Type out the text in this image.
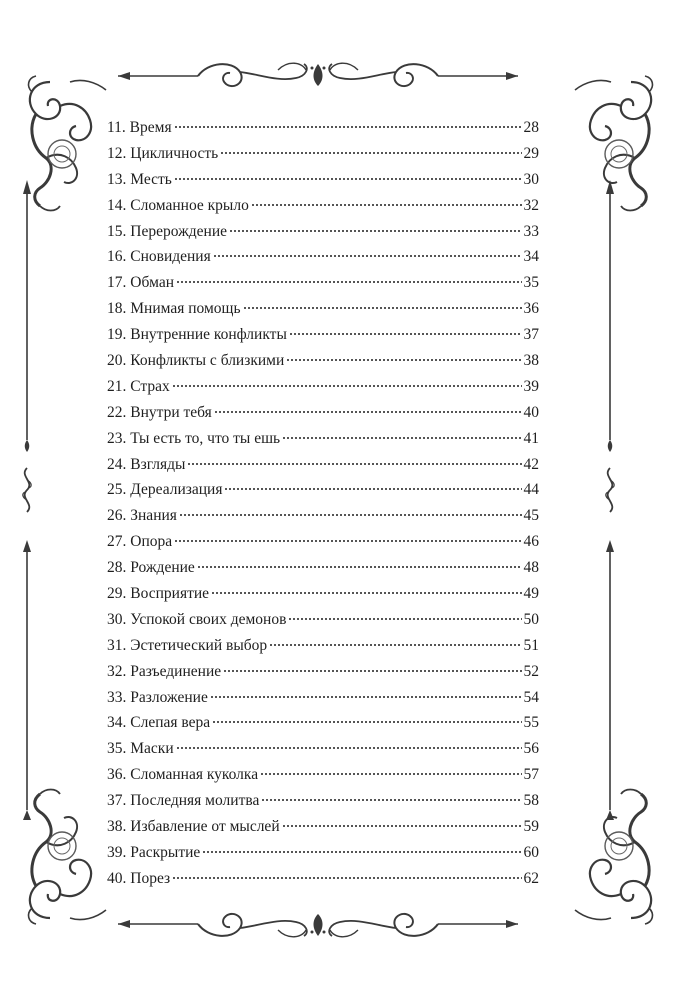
11. Время	28
12. Цикличность	29
13. Месть	30
14. Сломанное крыло	32
15. Перерождение	33
16. Сновидения	34
17. Обман	35
18. Мнимая помощь	36
19. Внутренние конфликты	37
20. Конфликты с близкими	38
21. Страх	39
22. Внутри тебя	40
23. Ты есть то, что ты ешь	41
24. Взгляды	42
25. Дереализация	44
26. Знания	45
27. Опора	46
28. Рождение	48
29. Восприятие	49
30. Успокой своих демонов	50
31. Эстетический выбор	51
32. Разъединение	52
33. Разложение	54
34. Слепая вера	55
35. Маски	56
36. Сломанная куколка	57
37. Последняя молитва	58
38. Избавление от мыслей	59
39. Раскрытие	60
40. Порез	62
